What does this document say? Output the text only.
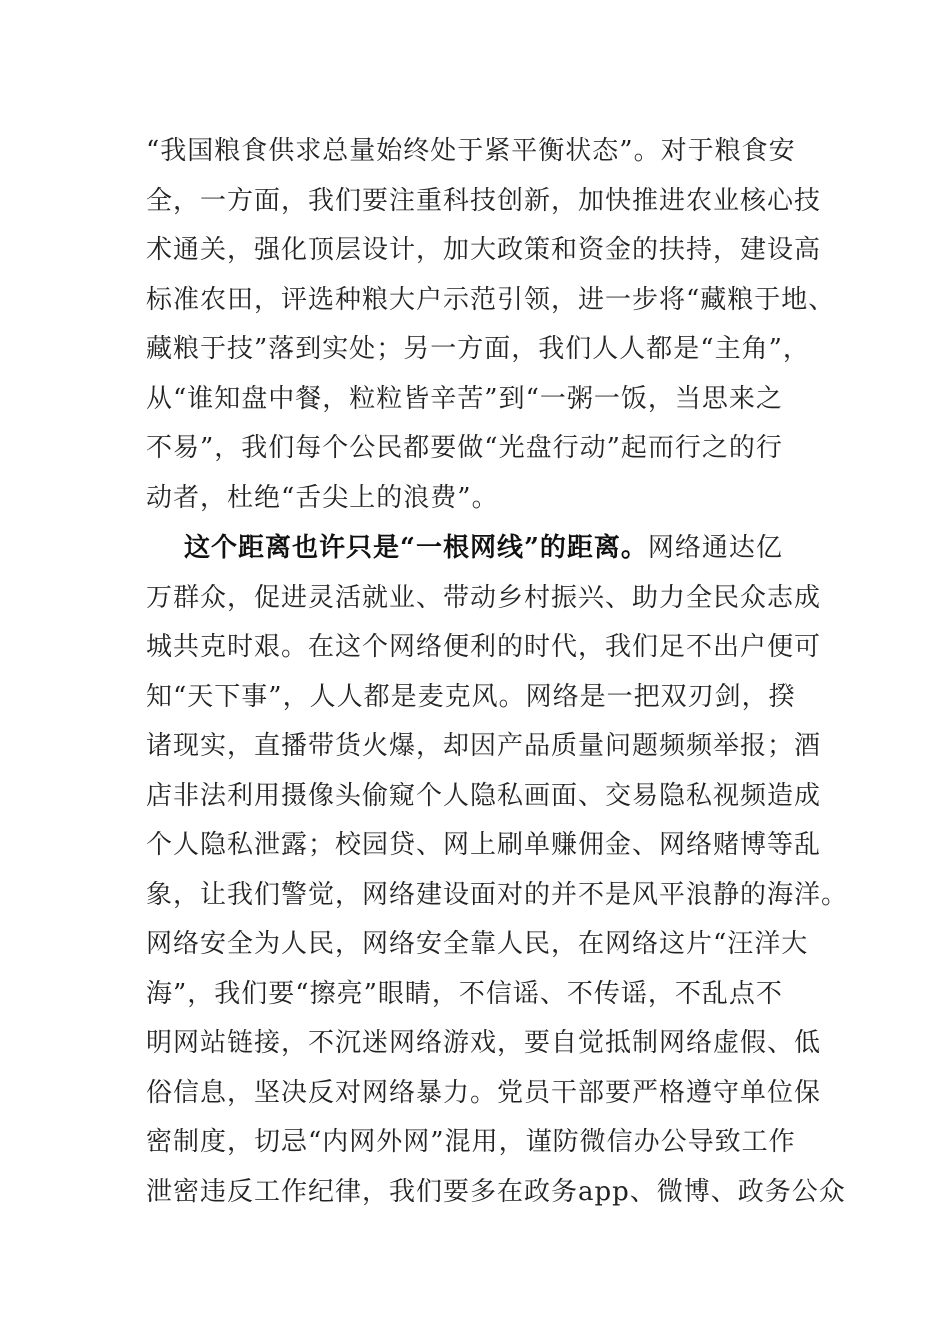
“我国粮食供求总量始终处于紧平衡状态”。对于粮食安
全，一方面，我们要注重科技创新，加快推进农业核心技
术通关，强化顶层设计，加大政策和资金的扶持，建设高
标准农田，评选种粮大户示范引领，进一步将“藏粮于地、
藏粮于技”落到实处；另一方面，我们人人都是“主角”，
从“谁知盘中餐，粒粒皆辛苦”到“一粥一饭，当思来之
不易”，我们每个公民都要做“光盘行动”起而行之的行
动者，杜绝“舌尖上的浪费”。
这个距离也许只是“一根网线”的距离。网络通达亿
万群众，促进灵活就业、带动乡村振兴、助力全民众志成
城共克时艰。在这个网络便利的时代，我们足不出户便可
知“天下事”，人人都是麦克风。网络是一把双刃剑，揆
诸现实，直播带货火爆，却因产品质量问题频频举报；酒
店非法利用摄像头偷窥个人隐私画面、交易隐私视频造成
个人隐私泄露；校园贷、网上刷单赚佣金、网络赌博等乱
象，让我们警觉，网络建设面对的并不是风平浪静的海洋。
网络安全为人民，网络安全靠人民，在网络这片“汪洋大
海”，我们要“擦亮”眼睛，不信谣、不传谣，不乱点不
明网站链接，不沉迷网络游戏，要自觉抵制网络虚假、低
俗信息，坚决反对网络暴力。党员干部要严格遵守单位保
密制度，切忌“内网外网”混用，谨防微信办公导致工作
泄密违反工作纪律，我们要多在政务app、微博、政务公众
